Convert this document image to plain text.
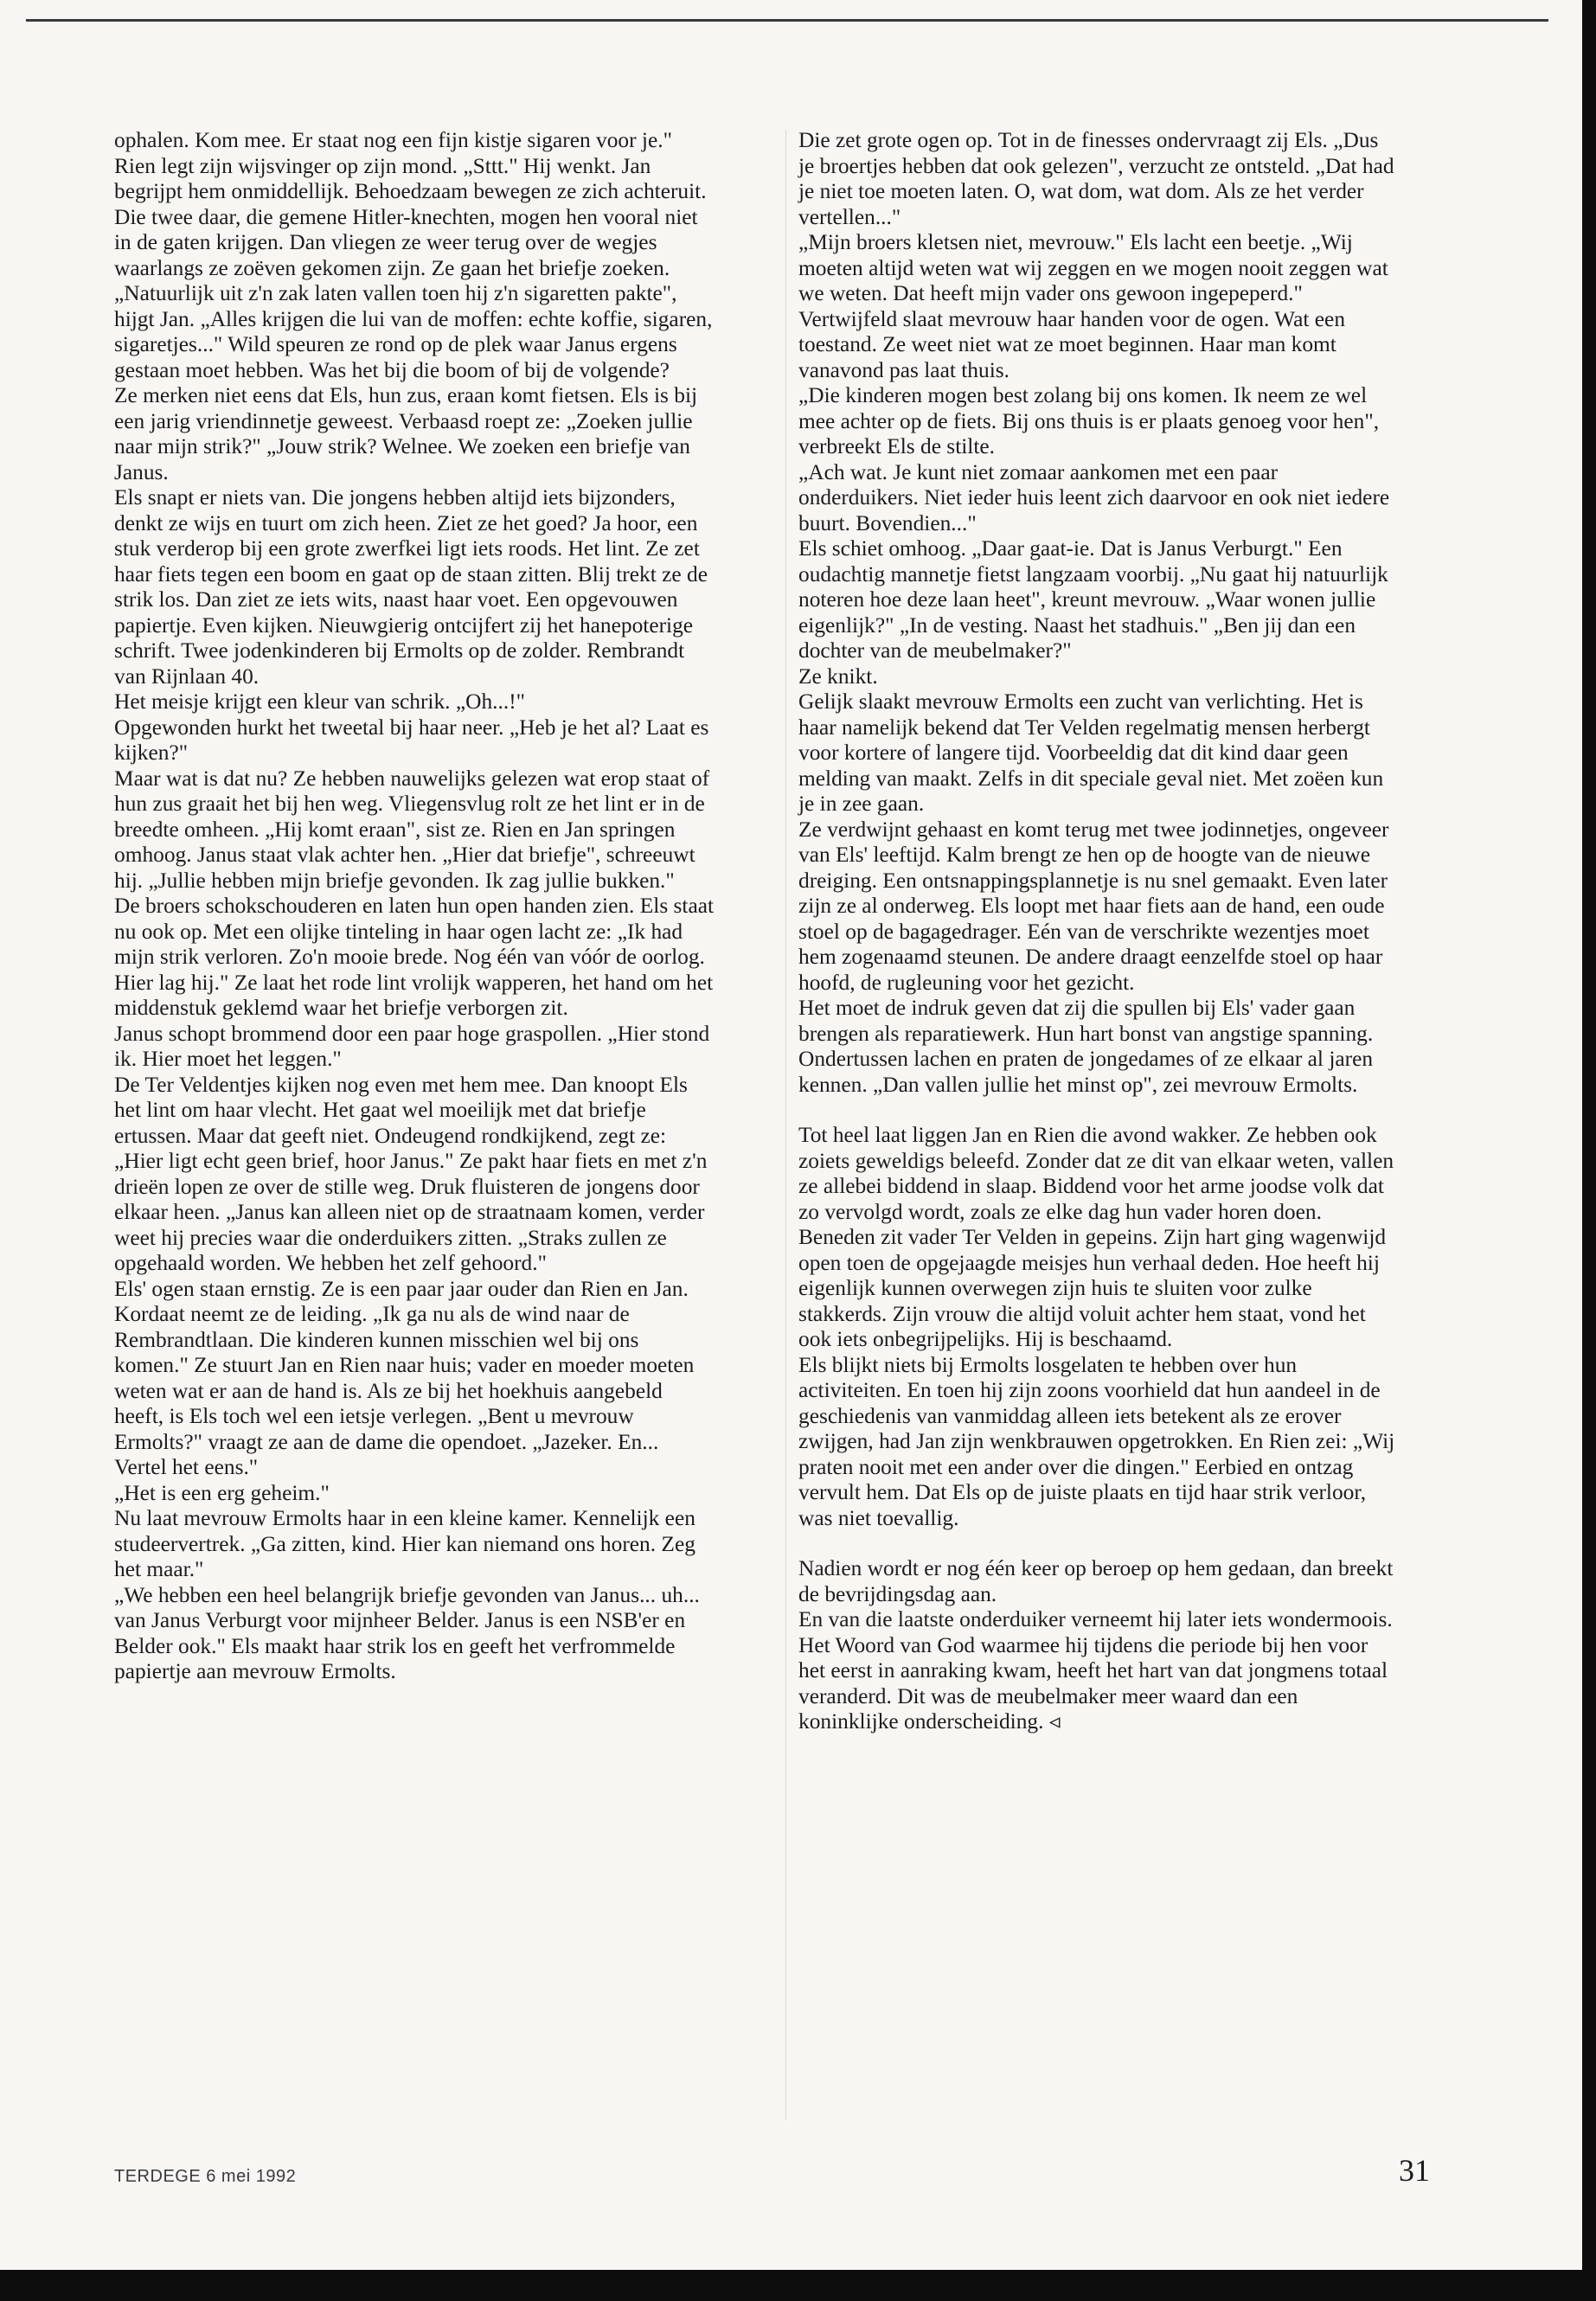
ophalen. Kom mee. Er staat nog een fijn kistje sigaren voor je."

Rien legt zijn wijsvinger op zijn mond. „Sttt." Hij wenkt. Jan begrijpt hem onmiddellijk. Behoedzaam bewegen ze zich achteruit. Die twee daar, die gemene Hitler-knechten, mogen hen vooral niet in de gaten krijgen. Dan vliegen ze weer terug over de wegjes waarlangs ze zoëven gekomen zijn. Ze gaan het briefje zoeken. „Natuurlijk uit z'n zak laten vallen toen hij z'n sigaretten pakte", hijgt Jan. „Alles krijgen die lui van de moffen: echte koffie, sigaren, sigaretjes..." Wild speuren ze rond op de plek waar Janus ergens gestaan moet hebben. Was het bij die boom of bij de volgende?

Ze merken niet eens dat Els, hun zus, eraan komt fietsen. Els is bij een jarig vriendinnetje geweest. Verbaasd roept ze: „Zoeken jullie naar mijn strik?" „Jouw strik? Welnee. We zoeken een briefje van Janus.

Els snapt er niets van. Die jongens hebben altijd iets bijzonders, denkt ze wijs en tuurt om zich heen. Ziet ze het goed? Ja hoor, een stuk verderop bij een grote zwerfkei ligt iets roods. Het lint. Ze zet haar fiets tegen een boom en gaat op de staan zitten. Blij trekt ze de strik los. Dan ziet ze iets wits, naast haar voet. Een opgevouwen papiertje. Even kijken. Nieuwgierig ontcijfert zij het hanepoterige schrift. Twee jodenkinderen bij Ermolts op de zolder. Rembrandt van Rijnlaan 40.

Het meisje krijgt een kleur van schrik. „Oh...!"

Opgewonden hurkt het tweetal bij haar neer. „Heb je het al? Laat es kijken?"

Maar wat is dat nu? Ze hebben nauwelijks gelezen wat erop staat of hun zus graait het bij hen weg. Vliegensvlug rolt ze het lint er in de breedte omheen. „Hij komt eraan", sist ze. Rien en Jan springen omhoog. Janus staat vlak achter hen. „Hier dat briefje", schreeuwt hij. „Jullie hebben mijn briefje gevonden. Ik zag jullie bukken."

De broers schokschouderen en laten hun open handen zien. Els staat nu ook op. Met een olijke tinteling in haar ogen lacht ze: „Ik had mijn strik verloren. Zo'n mooie brede. Nog één van vóór de oorlog. Hier lag hij." Ze laat het rode lint vrolijk wapperen, het hand om het middenstuk geklemd waar het briefje verborgen zit.

Janus schopt brommend door een paar hoge graspollen. „Hier stond ik. Hier moet het leggen."

De Ter Veldentjes kijken nog even met hem mee. Dan knoopt Els het lint om haar vlecht. Het gaat wel moeilijk met dat briefje ertussen. Maar dat geeft niet. Ondeugend rondkijkend, zegt ze: „Hier ligt echt geen brief, hoor Janus." Ze pakt haar fiets en met z'n drieën lopen ze over de stille weg. Druk fluisteren de jongens door elkaar heen. „Janus kan alleen niet op de straatnaam komen, verder weet hij precies waar die onderduikers zitten. „Straks zullen ze opgehaald worden. We hebben het zelf gehoord."

Els' ogen staan ernstig. Ze is een paar jaar ouder dan Rien en Jan. Kordaat neemt ze de leiding. „Ik ga nu als de wind naar de Rembrandtlaan. Die kinderen kunnen misschien wel bij ons komen." Ze stuurt Jan en Rien naar huis; vader en moeder moeten weten wat er aan de hand is. Als ze bij het hoekhuis aangebeld heeft, is Els toch wel een ietsje verlegen. „Bent u mevrouw Ermolts?" vraagt ze aan de dame die opendoet. „Jazeker. En... Vertel het eens."

„Het is een erg geheim."

Nu laat mevrouw Ermolts haar in een kleine kamer. Kennelijk een studeervertrek. „Ga zitten, kind. Hier kan niemand ons horen. Zeg het maar."

„We hebben een heel belangrijk briefje gevonden van Janus... uh... van Janus Verburgt voor mijnheer Belder. Janus is een NSB'er en Belder ook." Els maakt haar strik los en geeft het verfrommelde papiertje aan mevrouw Ermolts.

Die zet grote ogen op. Tot in de finesses ondervraagt zij Els. „Dus je broertjes hebben dat ook gelezen", verzucht ze ontsteld. „Dat had je niet toe moeten laten. O, wat dom, wat dom. Als ze het verder vertellen..."

„Mijn broers kletsen niet, mevrouw." Els lacht een beetje. „Wij moeten altijd weten wat wij zeggen en we mogen nooit zeggen wat we weten. Dat heeft mijn vader ons gewoon ingepeperd."

Vertwijfeld slaat mevrouw haar handen voor de ogen. Wat een toestand. Ze weet niet wat ze moet beginnen. Haar man komt vanavond pas laat thuis.

„Die kinderen mogen best zolang bij ons komen. Ik neem ze wel mee achter op de fiets. Bij ons thuis is er plaats genoeg voor hen", verbreekt Els de stilte.

„Ach wat. Je kunt niet zomaar aankomen met een paar onderduikers. Niet ieder huis leent zich daarvoor en ook niet iedere buurt. Bovendien..."

Els schiet omhoog. „Daar gaat-ie. Dat is Janus Verburgt." Een oudachtig mannetje fietst langzaam voorbij. „Nu gaat hij natuurlijk noteren hoe deze laan heet", kreunt mevrouw. „Waar wonen jullie eigenlijk?" „In de vesting. Naast het stadhuis." „Ben jij dan een dochter van de meubelmaker?"

Ze knikt.

Gelijk slaakt mevrouw Ermolts een zucht van verlichting. Het is haar namelijk bekend dat Ter Velden regelmatig mensen herbergt voor kortere of langere tijd. Voorbeeldig dat dit kind daar geen melding van maakt. Zelfs in dit speciale geval niet. Met zoëen kun je in zee gaan.

Ze verdwijnt gehaast en komt terug met twee jodinnetjes, ongeveer van Els' leeftijd. Kalm brengt ze hen op de hoogte van de nieuwe dreiging. Een ontsnappingsplannetje is nu snel gemaakt. Even later zijn ze al onderweg. Els loopt met haar fiets aan de hand, een oude stoel op de bagagedrager. Eén van de verschrikte wezentjes moet hem zogenaamd steunen. De andere draagt eenzelfde stoel op haar hoofd, de rugleuning voor het gezicht.

Het moet de indruk geven dat zij die spullen bij Els' vader gaan brengen als reparatiewerk. Hun hart bonst van angstige spanning. Ondertussen lachen en praten de jongedames of ze elkaar al jaren kennen. „Dan vallen jullie het minst op", zei mevrouw Ermolts.

Tot heel laat liggen Jan en Rien die avond wakker. Ze hebben ook zoiets geweldigs beleefd. Zonder dat ze dit van elkaar weten, vallen ze allebei biddend in slaap. Biddend voor het arme joodse volk dat zo vervolgd wordt, zoals ze elke dag hun vader horen doen.

Beneden zit vader Ter Velden in gepeins. Zijn hart ging wagenwijd open toen de opgejaagde meisjes hun verhaal deden. Hoe heeft hij eigenlijk kunnen overwegen zijn huis te sluiten voor zulke stakkerds. Zijn vrouw die altijd voluit achter hem staat, vond het ook iets onbegrijpelijks. Hij is beschaamd.

Els blijkt niets bij Ermolts losgelaten te hebben over hun activiteiten. En toen hij zijn zoons voorhield dat hun aandeel in de geschiedenis van vanmiddag alleen iets betekent als ze erover zwijgen, had Jan zijn wenkbrauwen opgetrokken. En Rien zei: „Wij praten nooit met een ander over die dingen." Eerbied en ontzag vervult hem. Dat Els op de juiste plaats en tijd haar strik verloor, was niet toevallig.

Nadien wordt er nog één keer op beroep op hem gedaan, dan breekt de bevrijdingsdag aan.

En van die laatste onderduiker verneemt hij later iets wondermoois. Het Woord van God waarmee hij tijdens die periode bij hen voor het eerst in aanraking kwam, heeft het hart van dat jongmens totaal veranderd. Dit was de meubelmaker meer waard dan een koninklijke onderscheiding. ◃

TERDEGE 6 mei 1992	31
